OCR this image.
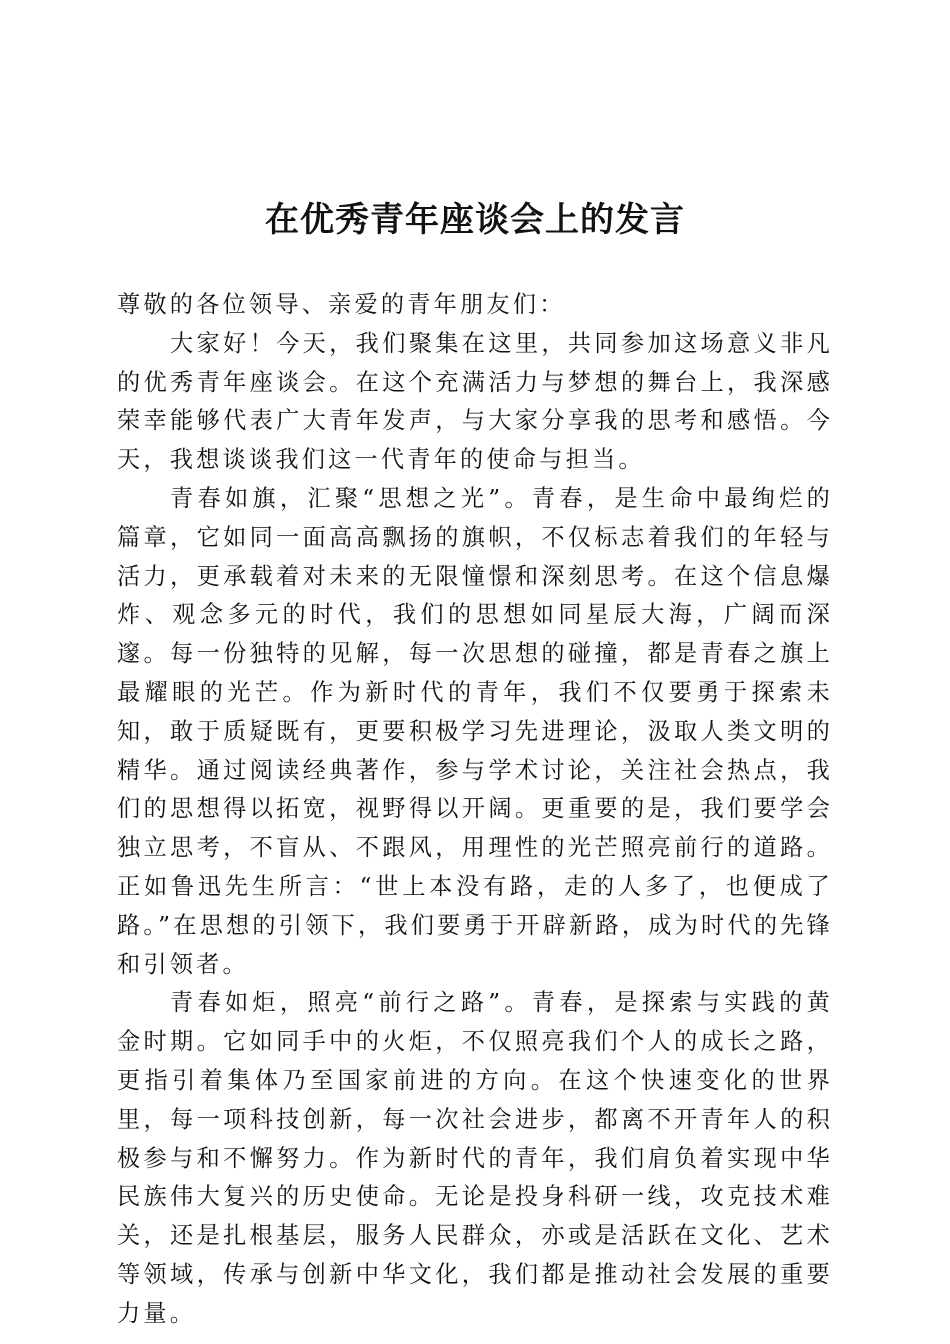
在优秀青年座谈会上的发言

尊敬的各位领导、亲爱的青年朋友们：

大家好！今天，我们聚集在这里，共同参加这场意义非凡的优秀青年座谈会。在这个充满活力与梦想的舞台上，我深感荣幸能够代表广大青年发声，与大家分享我的思考和感悟。今天，我想谈谈我们这一代青年的使命与担当。

青春如旗，汇聚“思想之光”。青春，是生命中最绚烂的篇章，它如同一面高高飘扬的旗帜，不仅标志着我们的年轻与活力，更承载着对未来的无限憧憬和深刻思考。在这个信息爆炸、观念多元的时代，我们的思想如同星辰大海，广阔而深邃。每一份独特的见解，每一次思想的碰撞，都是青春之旗上最耀眼的光芒。作为新时代的青年，我们不仅要勇于探索未知，敢于质疑既有，更要积极学习先进理论，汲取人类文明的精华。通过阅读经典著作，参与学术讨论，关注社会热点，我们的思想得以拓宽，视野得以开阔。更重要的是，我们要学会独立思考，不盲从、不跟风，用理性的光芒照亮前行的道路。正如鲁迅先生所言：“世上本没有路，走的人多了，也便成了路。”在思想的引领下，我们要勇于开辟新路，成为时代的先锋和引领者。

青春如炬，照亮“前行之路”。青春，是探索与实践的黄金时期。它如同手中的火炬，不仅照亮我们个人的成长之路，更指引着集体乃至国家前进的方向。在这个快速变化的世界里，每一项科技创新，每一次社会进步，都离不开青年人的积极参与和不懈努力。作为新时代的青年，我们肩负着实现中华民族伟大复兴的历史使命。无论是投身科研一线，攻克技术难关，还是扎根基层，服务人民群众，亦或是活跃在文化、艺术等领域，传承与创新中华文化，我们都是推动社会发展的重要力量。
